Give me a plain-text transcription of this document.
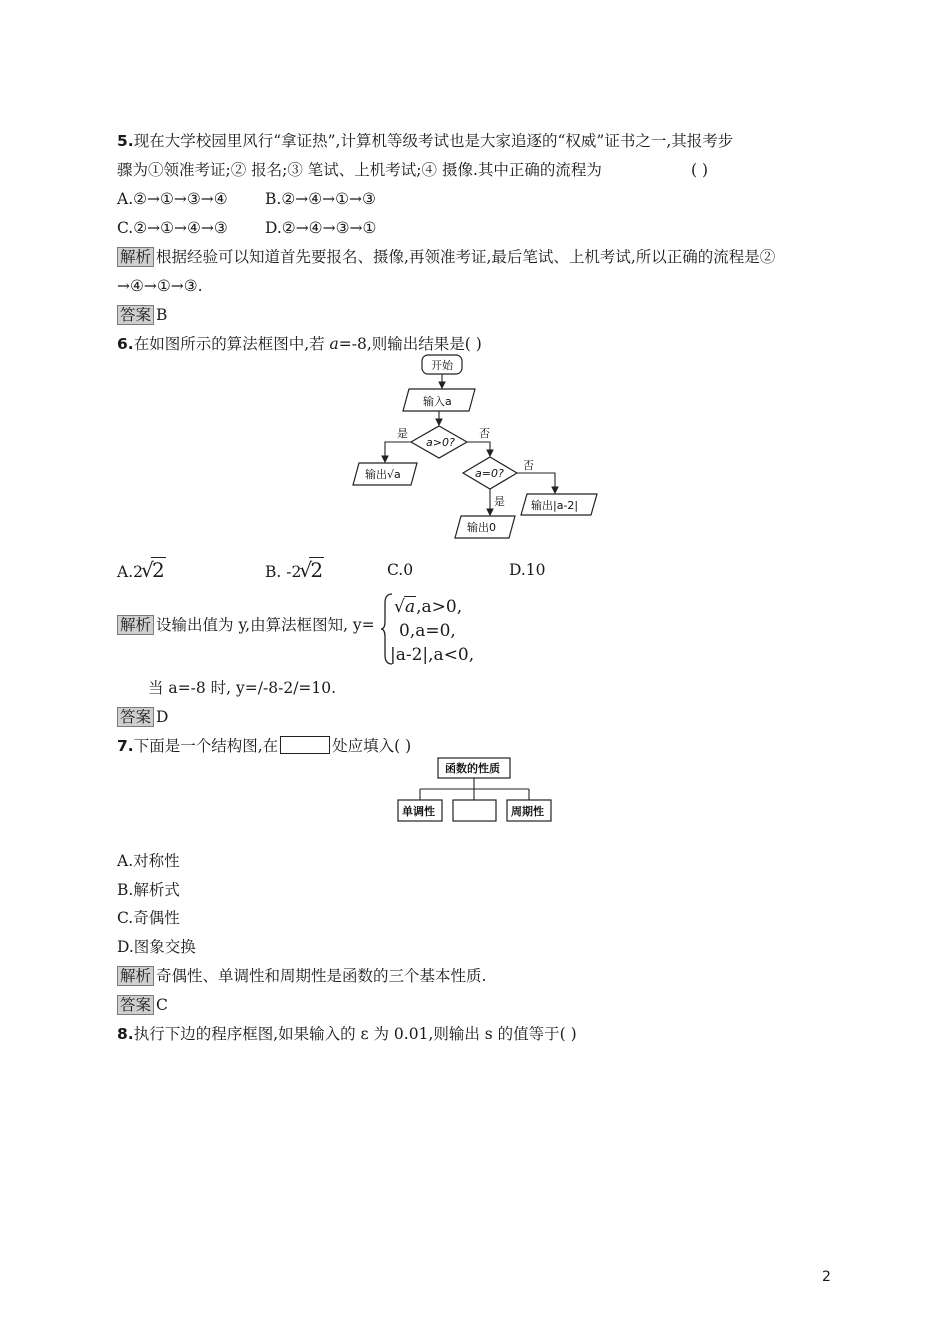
5.现在大学校园里风行“拿证热”,计算机等级考试也是大家追逐的“权威”证书之一,其报考步
骤为①领准考证;② 报名;③ 笔试、上机考试;④ 摄像.其中正确的流程为	( )
A.②→①→③→④ B.②→④→①→③
C.②→①→④→③ D.②→④→③→①
解析 根据经验可以知道首先要报名、摄像,再领准考证,最后笔试、上机考试,所以正确的流程是②
→④→①→③.
答案 B
6.在如图所示的算法框图中,若 a=-8,则输出结果是( )
开始
输入a
a>0?
是	否
输出√a	a=0?
否
是 输出|a-2|
输出0
A.2
√
2	B. -2
√
2	C.0	D.10
解析 设输出值为 y,由算法框图知, y=
√ a,a>0,
0,a=0,
|a-2|,a<0,
当 a=-8 时, y=/-8-2/=10.
答案 D
7.下面是一个结构图,在	处应填入( )
函数的性质
单调性	周期性
A.对称性
B.解析式
C.奇偶性
D.图象交换
解析 奇偶性、单调性和周期性是函数的三个基本性质.
答案 C
8.执行下边的程序框图,如果输入的 ε 为 0.01,则输出 s 的值等于( )
2
